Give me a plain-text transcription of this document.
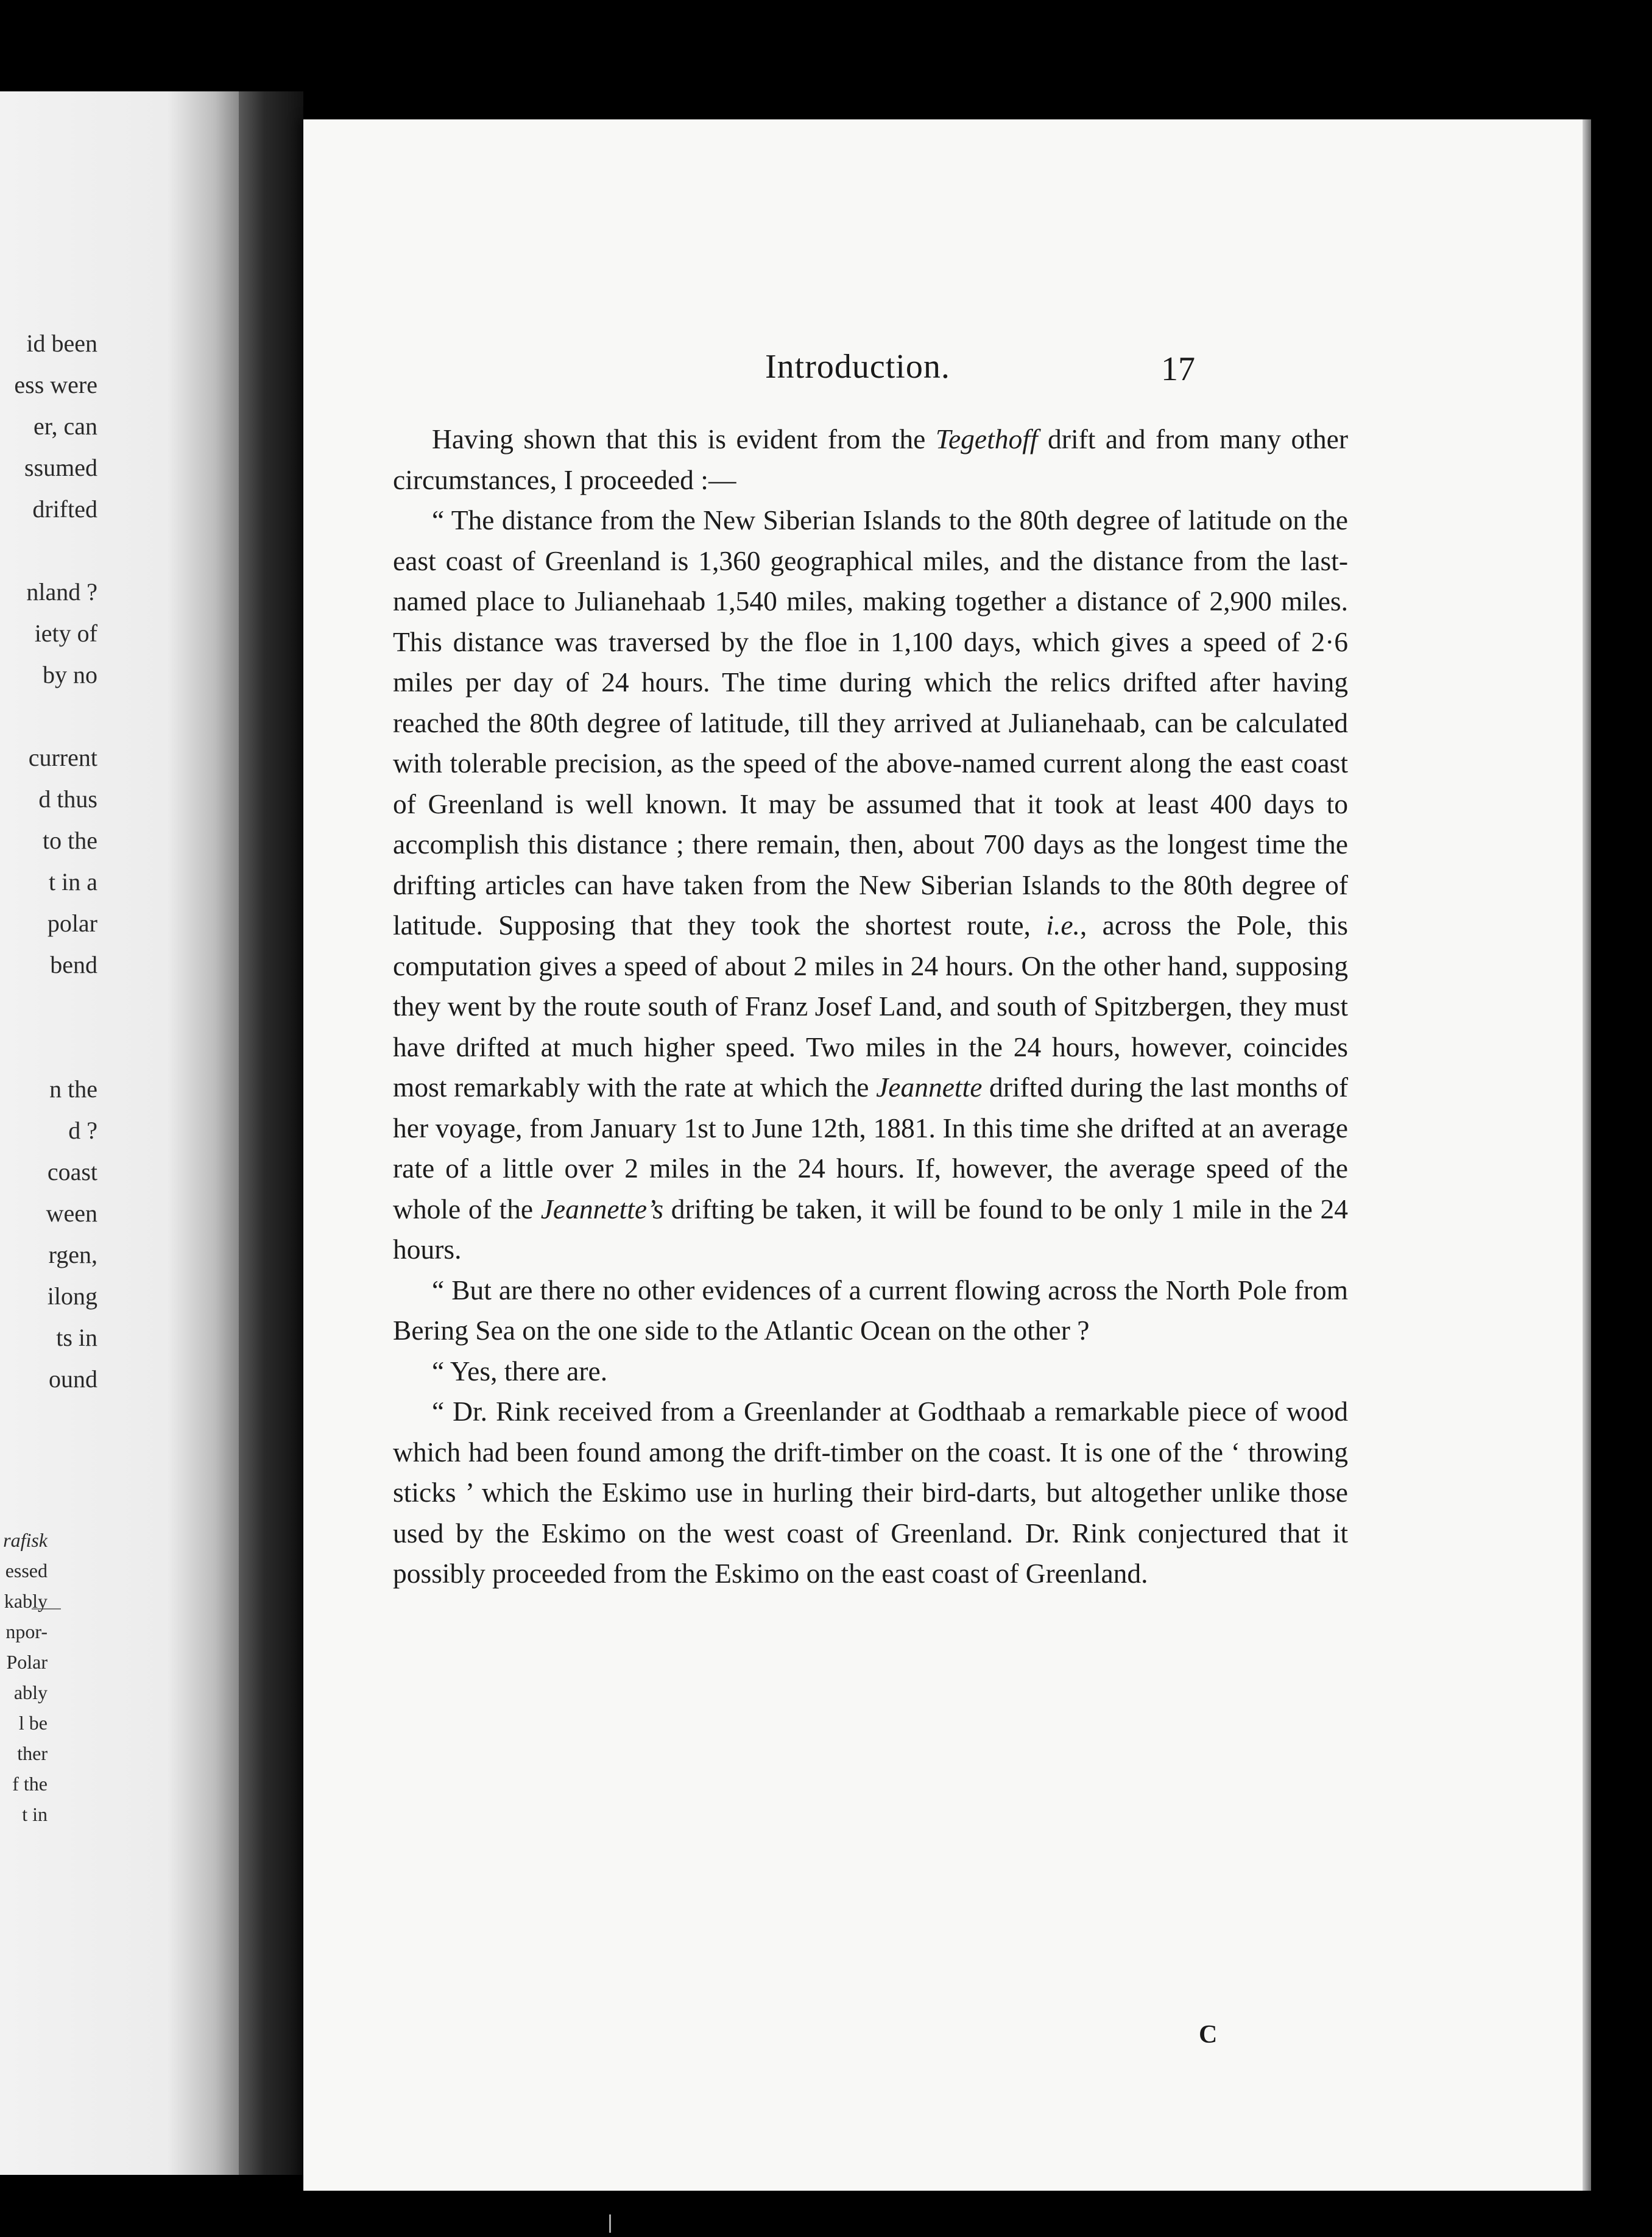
id been
ess were
er, can
ssumed
drifted
nland ?
iety of
by no
current
d thus
to the
t in a
polar
bend
n the
d ?
coast
ween
rgen,
ilong
ts in
ound
rafisk
essed
kably
npor-
Polar
ably
l be
ther
f the
t in
Introduction.	17

Having shown that this is evident from the Tegethoff drift and from many other circumstances, I proceeded :—

“ The distance from the New Siberian Islands to the 80th degree of latitude on the east coast of Greenland is 1,360 geographical miles, and the distance from the last-named place to Julianehaab 1,540 miles, making together a distance of 2,900 miles. This distance was traversed by the floe in 1,100 days, which gives a speed of 2·6 miles per day of 24 hours. The time during which the relics drifted after having reached the 80th degree of latitude, till they arrived at Julianehaab, can be calculated with tolerable precision, as the speed of the above-named current along the east coast of Greenland is well known. It may be assumed that it took at least 400 days to accomplish this distance ; there remain, then, about 700 days as the longest time the drifting articles can have taken from the New Siberian Islands to the 80th degree of latitude. Supposing that they took the shortest route, i.e., across the Pole, this computation gives a speed of about 2 miles in 24 hours. On the other hand, supposing they went by the route south of Franz Josef Land, and south of Spitzbergen, they must have drifted at much higher speed. Two miles in the 24 hours, however, coincides most remarkably with the rate at which the Jeannette drifted during the last months of her voyage, from January 1st to June 12th, 1881. In this time she drifted at an average rate of a little over 2 miles in the 24 hours. If, however, the average speed of the whole of the Jeannette’s drifting be taken, it will be found to be only 1 mile in the 24 hours.

“ But are there no other evidences of a current flowing across the North Pole from Bering Sea on the one side to the Atlantic Ocean on the other ?

“ Yes, there are.

“ Dr. Rink received from a Greenlander at Godthaab a remarkable piece of wood which had been found among the drift-timber on the coast. It is one of the ‘ throwing sticks ’ which the Eskimo use in hurling their bird-darts, but altogether unlike those used by the Eskimo on the west coast of Greenland. Dr. Rink conjectured that it possibly proceeded from the Eskimo on the east coast of Greenland.

C
